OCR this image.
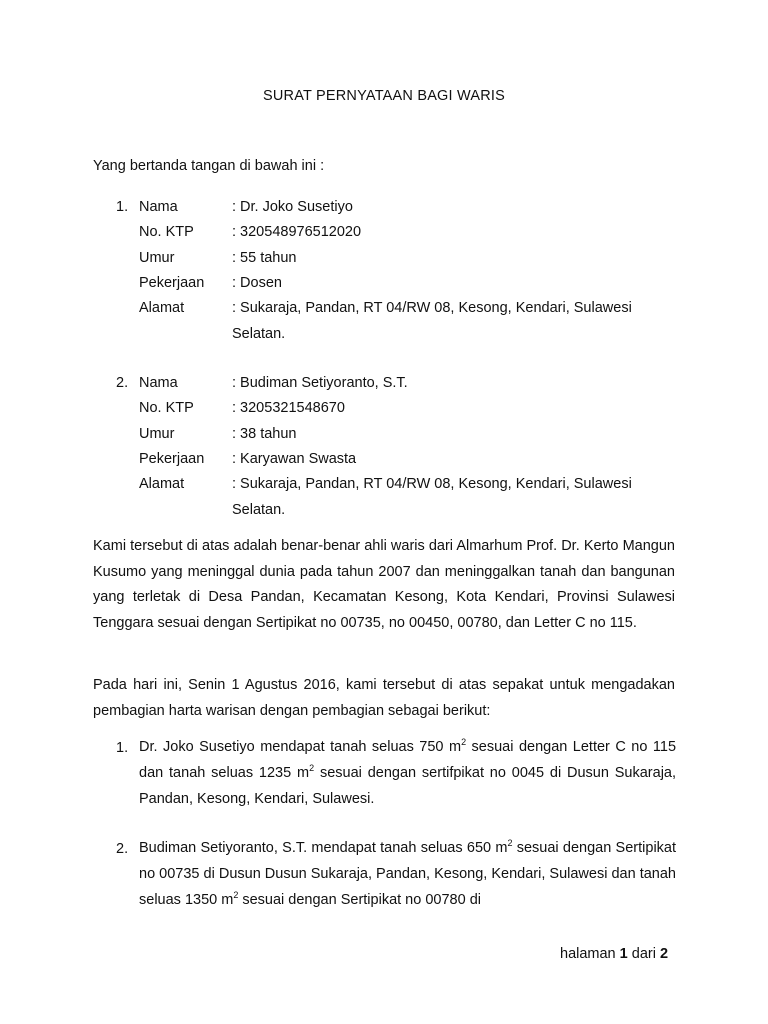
SURAT PERNYATAAN BAGI WARIS
Yang bertanda tangan di bawah ini :
1. Nama	: Dr. Joko Susetiyo
No. KTP	: 320548976512020
Umur	: 55 tahun
Pekerjaan : Dosen
Alamat	: Sukaraja, Pandan, RT 04/RW 08, Kesong, Kendari, Sulawesi
Selatan.
2. Nama	: Budiman Setiyoranto, S.T.
No. KTP	: 3205321548670
Umur	: 38 tahun
Pekerjaan : Karyawan Swasta
Alamat	: Sukaraja, Pandan, RT 04/RW 08, Kesong, Kendari, Sulawesi
Selatan.
Kami tersebut di atas adalah benar-benar ahli waris dari Almarhum Prof. Dr. Kerto Mangun Kusumo yang meninggal dunia pada tahun 2007 dan meninggalkan tanah dan bangunan yang terletak di Desa Pandan, Kecamatan Kesong, Kota Kendari, Provinsi Sulawesi Tenggara sesuai dengan Sertipikat no 00735, no 00450, 00780, dan Letter C no 115.
Pada hari ini, Senin 1 Agustus 2016, kami tersebut di atas sepakat untuk mengadakan pembagian harta warisan dengan pembagian sebagai berikut:
1. Dr. Joko Susetiyo mendapat tanah seluas 750 $m^2$ sesuai dengan Letter C no 115 dan tanah seluas 1235 $m^2$ sesuai dengan sertifpikat no 0045 di Dusun Sukaraja, Pandan, Kesong, Kendari, Sulawesi.
2. Budiman Setiyoranto, S.T. mendapat tanah seluas 650 $m^2$ sesuai dengan Sertipikat no 00735 di Dusun Dusun Sukaraja, Pandan, Kesong, Kendari, Sulawesi dan tanah seluas 1350 $m^2$ sesuai dengan Sertipikat no 00780 di
halaman 1 dari 2
